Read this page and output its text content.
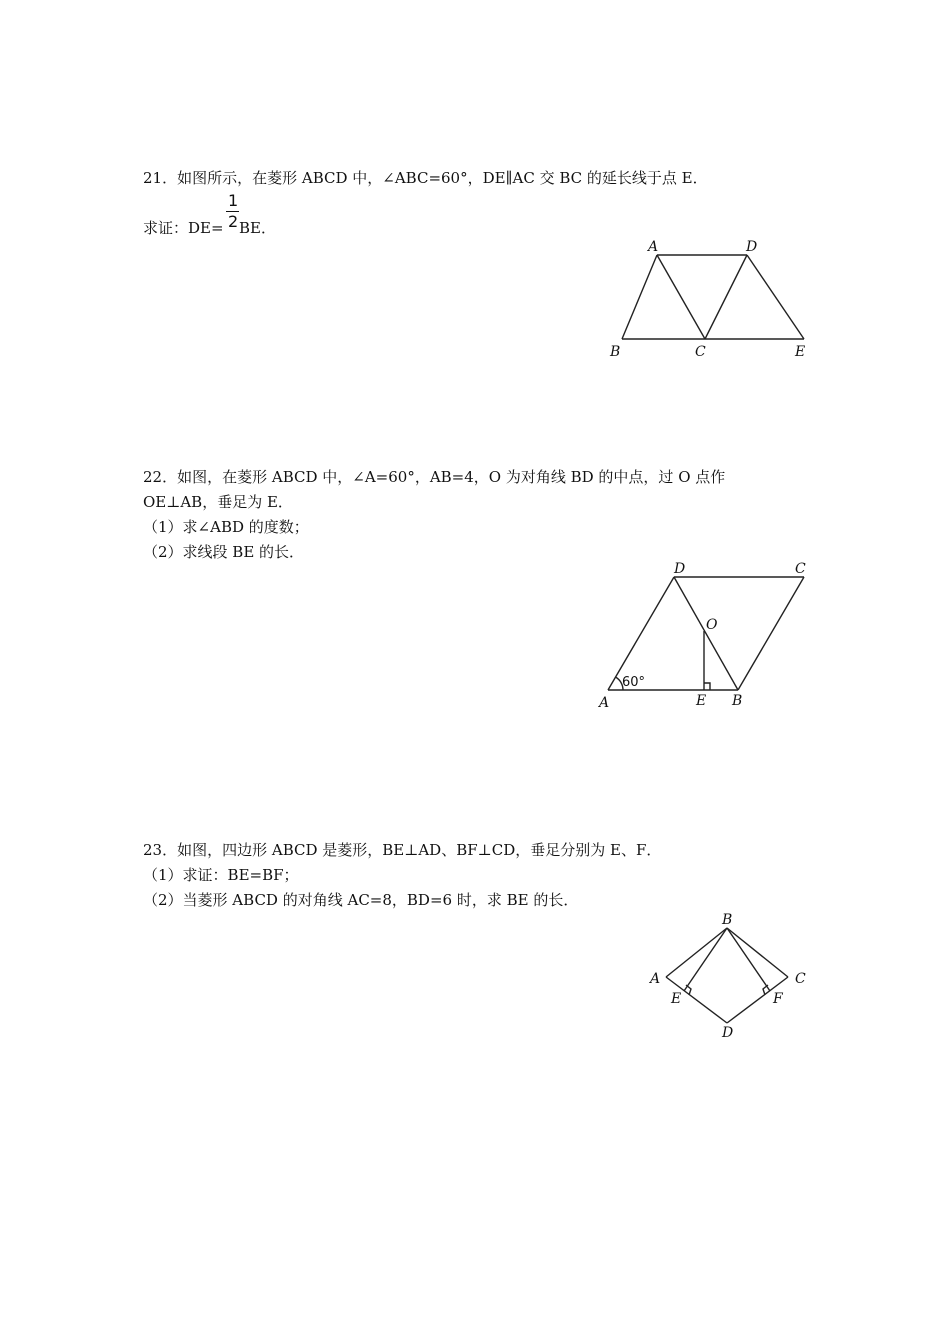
21．如图所示，在菱形 ABCD 中，∠ABC=60°，DE∥AC 交 BC 的延长线于点 E．
1
2
求证：DE= BE．
A	D
B	C	E
22．如图，在菱形 ABCD 中，∠A=60°，AB=4，O 为对角线 BD 的中点，过 O 点作
OE⊥AB，垂足为 E．
（1）求∠ABD 的度数；
（2）求线段 BE 的长．
D	C
O
A	E B
60°
23．如图，四边形 ABCD 是菱形，BE⊥AD、BF⊥CD，垂足分别为 E、F．
（1）求证：BE=BF；
（2）当菱形 ABCD 的对角线 AC=8，BD=6 时，求 BE 的长．
B
A	C
E	F
D
